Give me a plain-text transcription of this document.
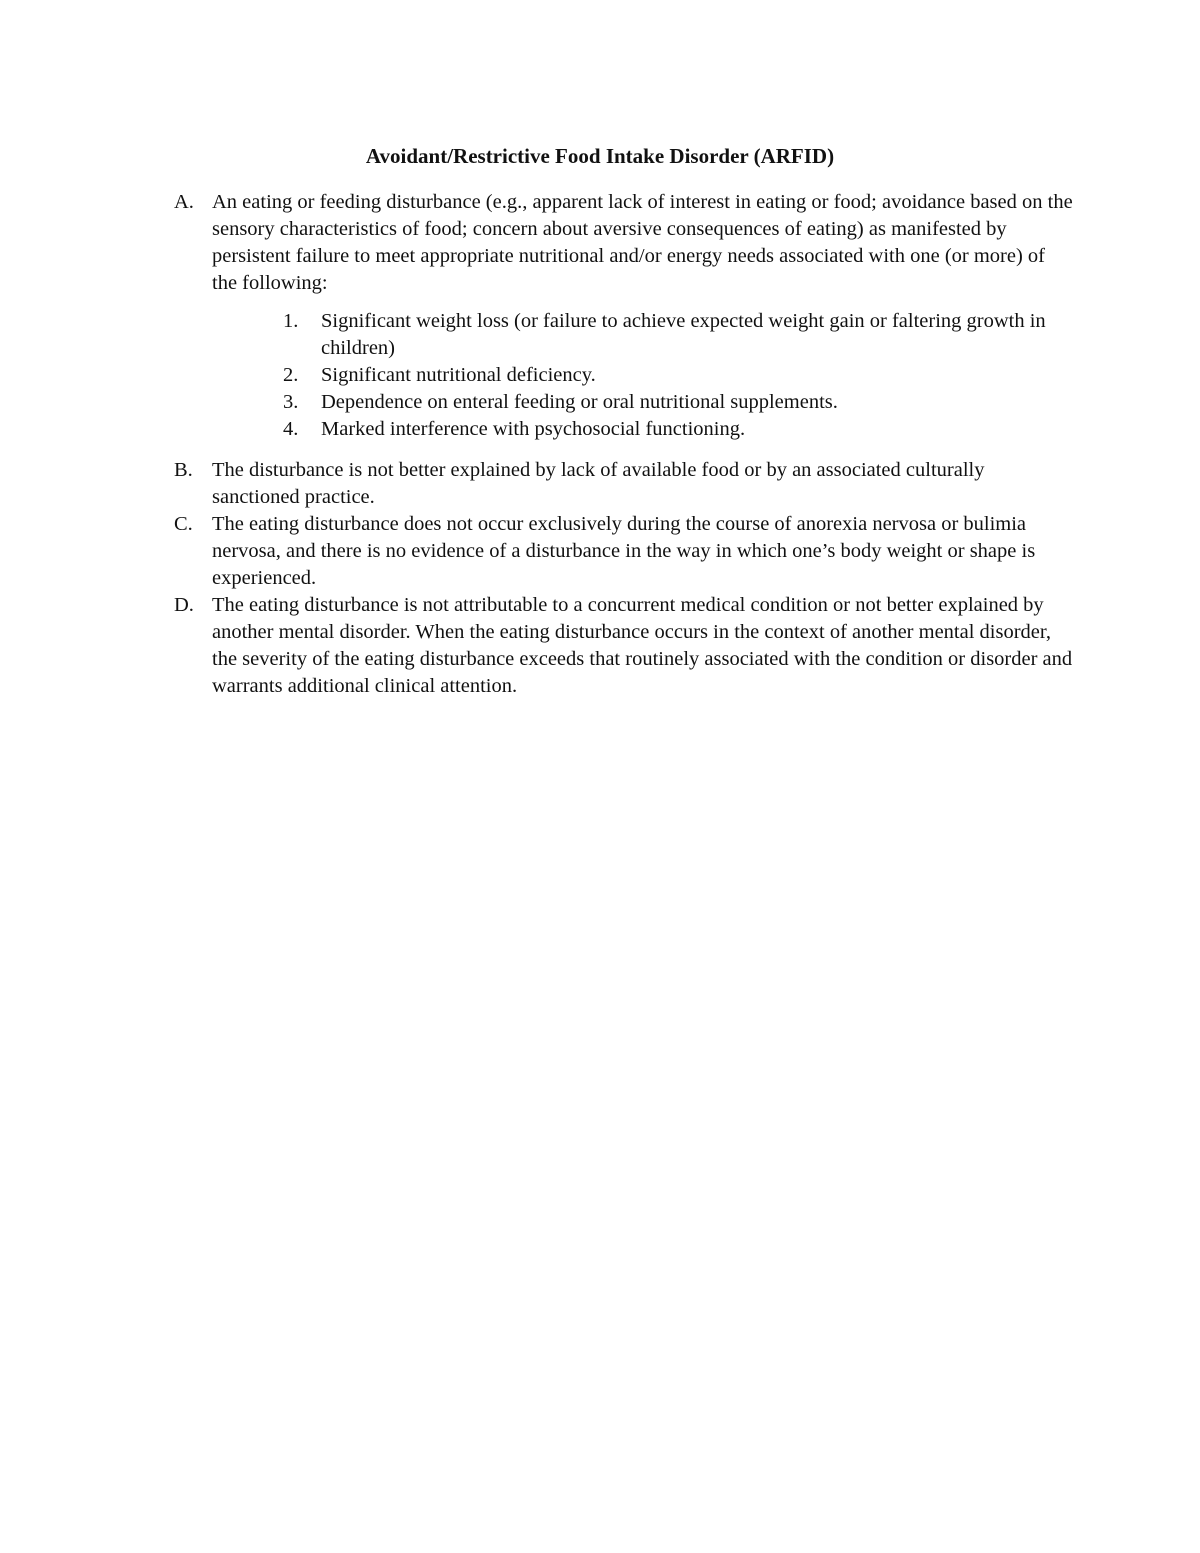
Avoidant/Restrictive Food Intake Disorder (ARFID)
A. An eating or feeding disturbance (e.g., apparent lack of interest in eating or food; avoidance based on the sensory characteristics of food; concern about aversive consequences of eating) as manifested by persistent failure to meet appropriate nutritional and/or energy needs associated with one (or more) of the following:
1. Significant weight loss (or failure to achieve expected weight gain or faltering growth in children)
2. Significant nutritional deficiency.
3. Dependence on enteral feeding or oral nutritional supplements.
4. Marked interference with psychosocial functioning.
B. The disturbance is not better explained by lack of available food or by an associated culturally sanctioned practice.
C. The eating disturbance does not occur exclusively during the course of anorexia nervosa or bulimia nervosa, and there is no evidence of a disturbance in the way in which one’s body weight or shape is experienced.
D. The eating disturbance is not attributable to a concurrent medical condition or not better explained by another mental disorder. When the eating disturbance occurs in the context of another mental disorder, the severity of the eating disturbance exceeds that routinely associated with the condition or disorder and warrants additional clinical attention.
